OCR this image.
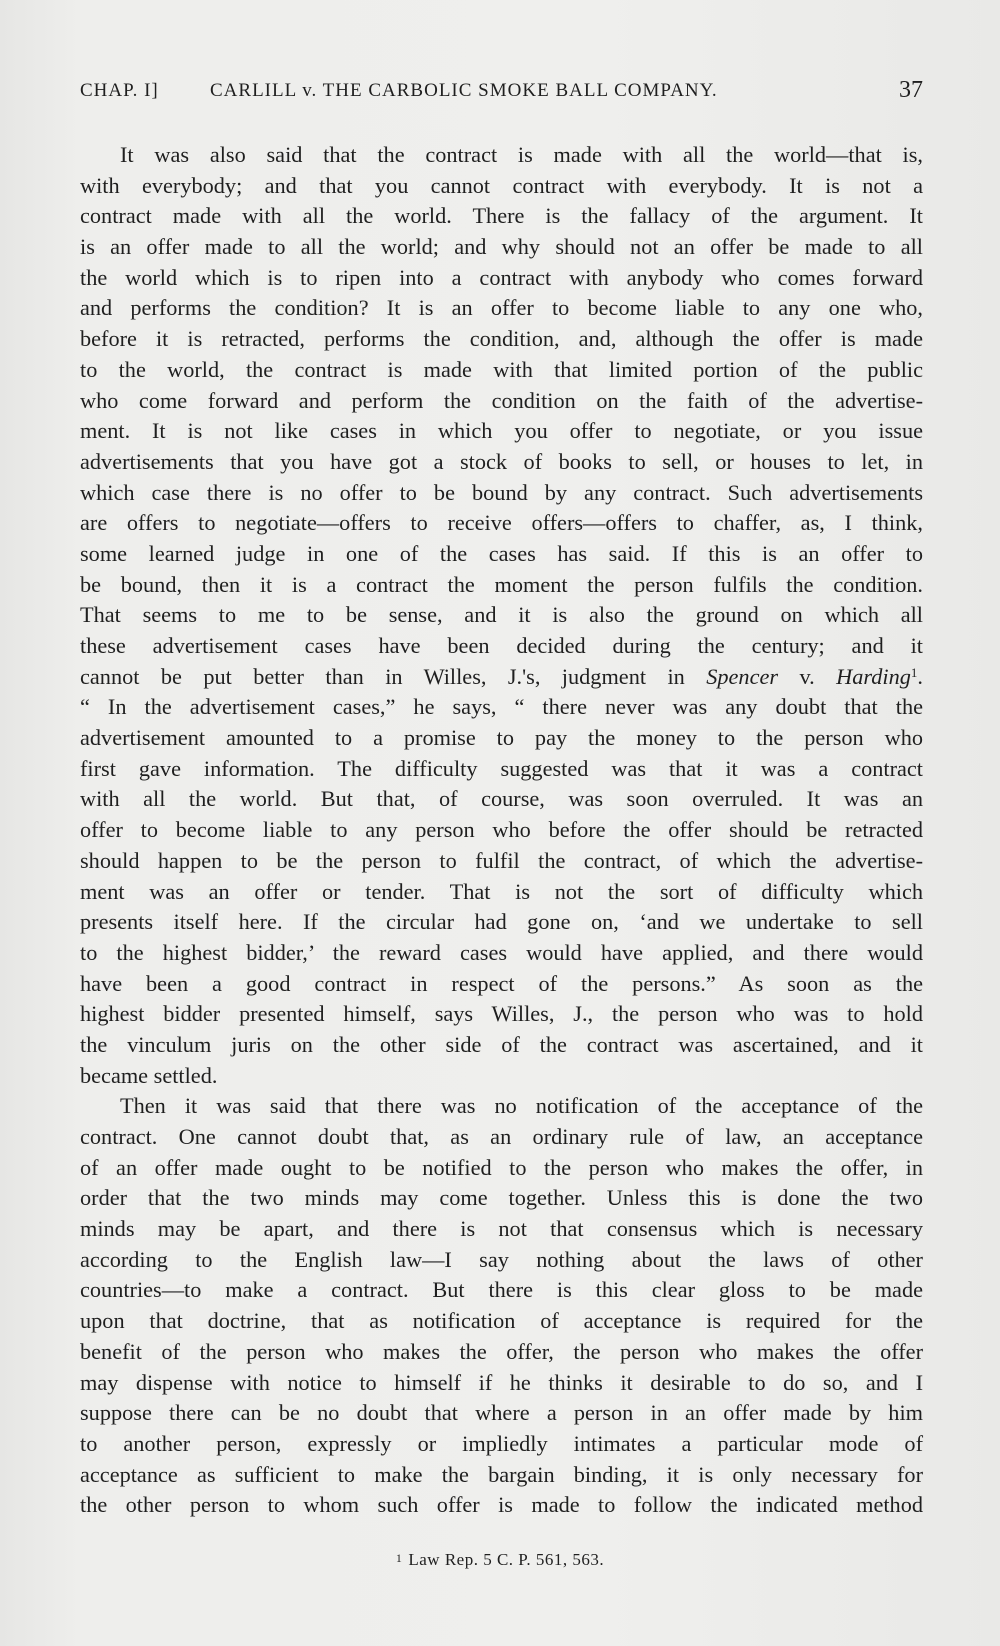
CHAP. I]	CARLILL v. THE CARBOLIC SMOKE BALL COMPANY.	37
It was also said that the contract is made with all the world—that is,
with everybody; and that you cannot contract with everybody. It is not a
contract made with all the world. There is the fallacy of the argument. It
is an offer made to all the world; and why should not an offer be made to all
the world which is to ripen into a contract with anybody who comes forward
and performs the condition? It is an offer to become liable to any one who,
before it is retracted, performs the condition, and, although the offer is made
to the world, the contract is made with that limited portion of the public
who come forward and perform the condition on the faith of the advertise-
ment. It is not like cases in which you offer to negotiate, or you issue
advertisements that you have got a stock of books to sell, or houses to let, in
which case there is no offer to be bound by any contract. Such advertisements
are offers to negotiate—offers to receive offers—offers to chaffer, as, I think,
some learned judge in one of the cases has said. If this is an offer to
be bound, then it is a contract the moment the person fulfils the condition.
That seems to me to be sense, and it is also the ground on which all
these advertisement cases have been decided during the century; and it
cannot be put better than in Willes, J.'s, judgment in Spencer v. Harding$^1$.
“ In the advertisement cases,” he says, “ there never was any doubt that the
advertisement amounted to a promise to pay the money to the person who
first gave information. The difficulty suggested was that it was a contract
with all the world. But that, of course, was soon overruled. It was an
offer to become liable to any person who before the offer should be retracted
should happen to be the person to fulfil the contract, of which the advertise-
ment was an offer or tender. That is not the sort of difficulty which
presents itself here. If the circular had gone on, ‘and we undertake to sell
to the highest bidder,’ the reward cases would have applied, and there would
have been a good contract in respect of the persons.” As soon as the
highest bidder presented himself, says Willes, J., the person who was to hold
the vinculum juris on the other side of the contract was ascertained, and it
became settled.
Then it was said that there was no notification of the acceptance of the
contract. One cannot doubt that, as an ordinary rule of law, an acceptance
of an offer made ought to be notified to the person who makes the offer, in
order that the two minds may come together. Unless this is done the two
minds may be apart, and there is not that consensus which is necessary
according to the English law—I say nothing about the laws of other
countries—to make a contract. But there is this clear gloss to be made
upon that doctrine, that as notification of acceptance is required for the
benefit of the person who makes the offer, the person who makes the offer
may dispense with notice to himself if he thinks it desirable to do so, and I
suppose there can be no doubt that where a person in an offer made by him
to another person, expressly or impliedly intimates a particular mode of
acceptance as sufficient to make the bargain binding, it is only necessary for
the other person to whom such offer is made to follow the indicated method
$^1$ Law Rep. 5 C. P. 561, 563.
